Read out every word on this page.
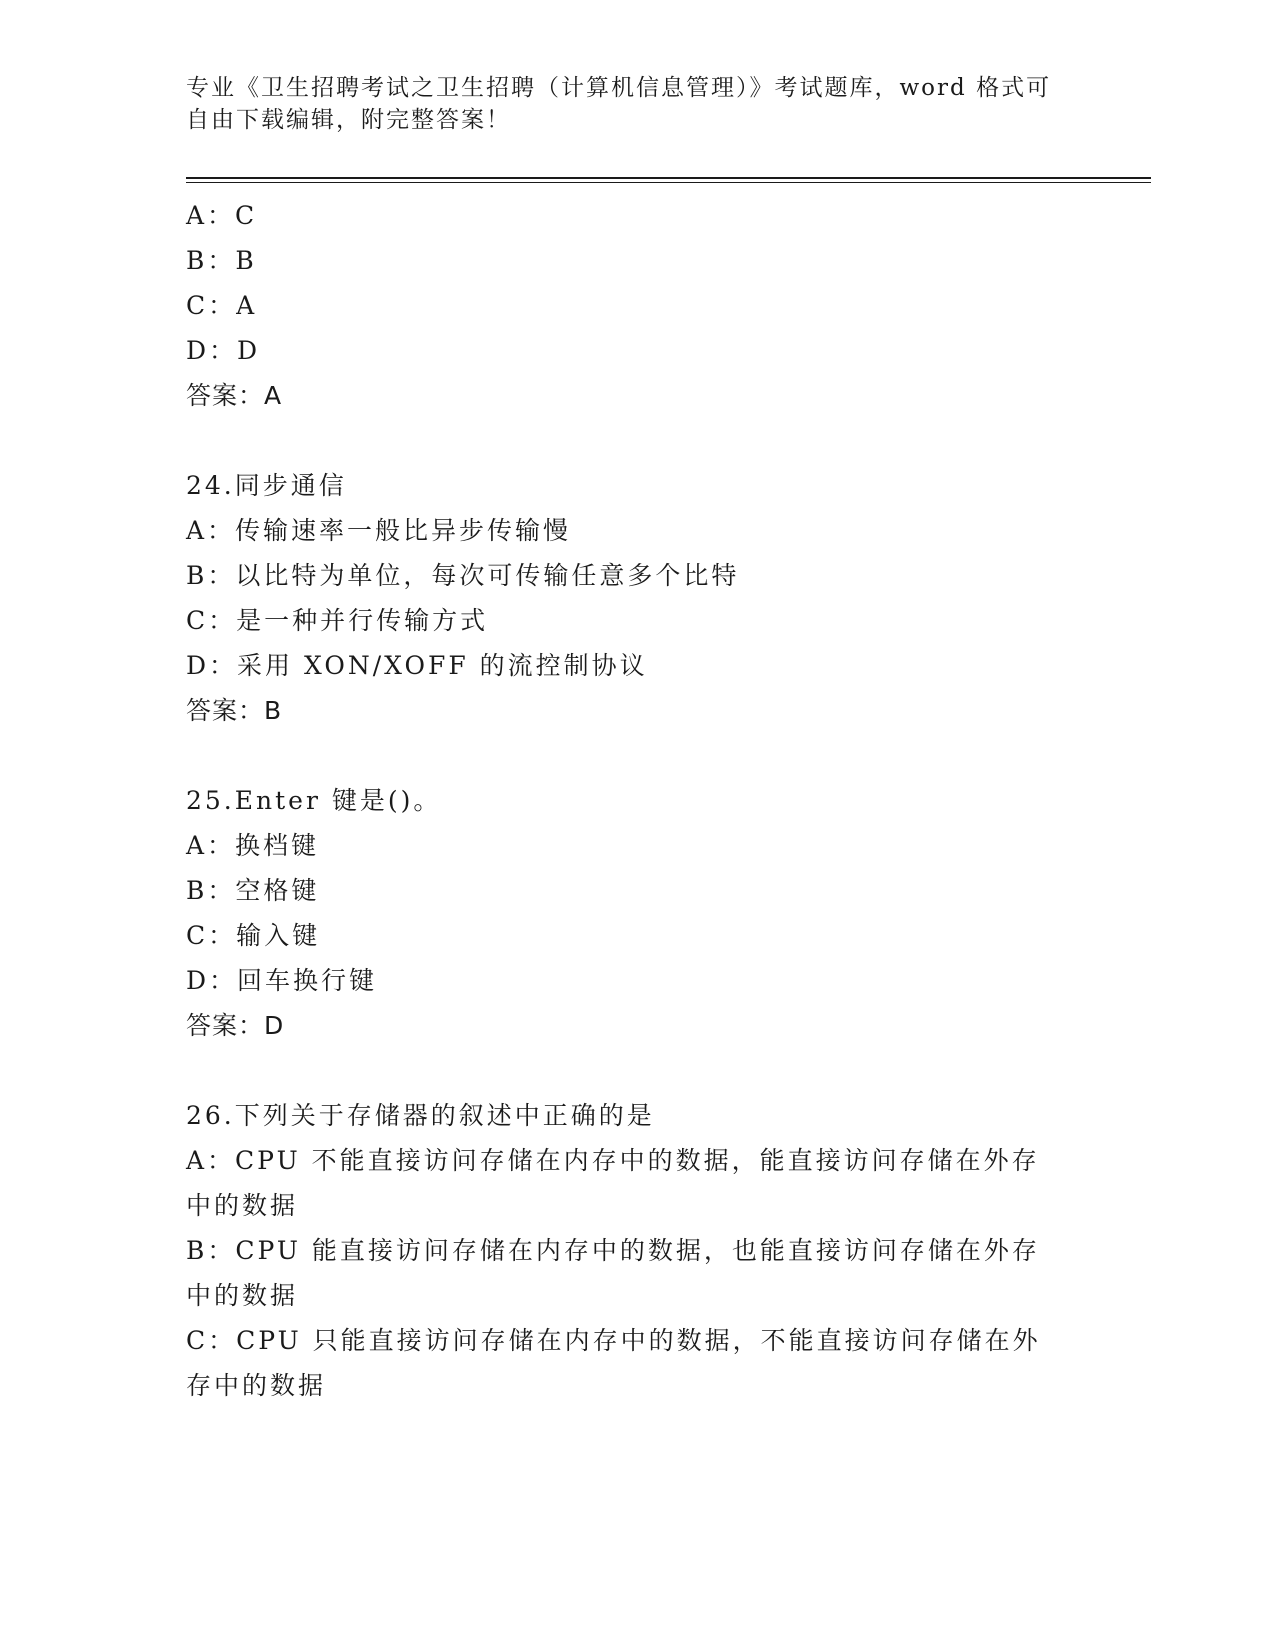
专业《卫生招聘考试之卫生招聘（计算机信息管理）》考试题库，word 格式可自由下载编辑，附完整答案！

A：C

B：B

C：A

D：D

答案：A

24.同步通信

A：传输速率一般比异步传输慢

B：以比特为单位，每次可传输任意多个比特

C：是一种并行传输方式

D：采用 XON/XOFF 的流控制协议

答案：B

25.Enter 键是()。

A：换档键

B：空格键

C：输入键

D：回车换行键

答案：D

26.下列关于存储器的叙述中正确的是

A：CPU 不能直接访问存储在内存中的数据，能直接访问存储在外存中的数据

B：CPU 能直接访问存储在内存中的数据，也能直接访问存储在外存中的数据

C：CPU 只能直接访问存储在内存中的数据，不能直接访问存储在外存中的数据
